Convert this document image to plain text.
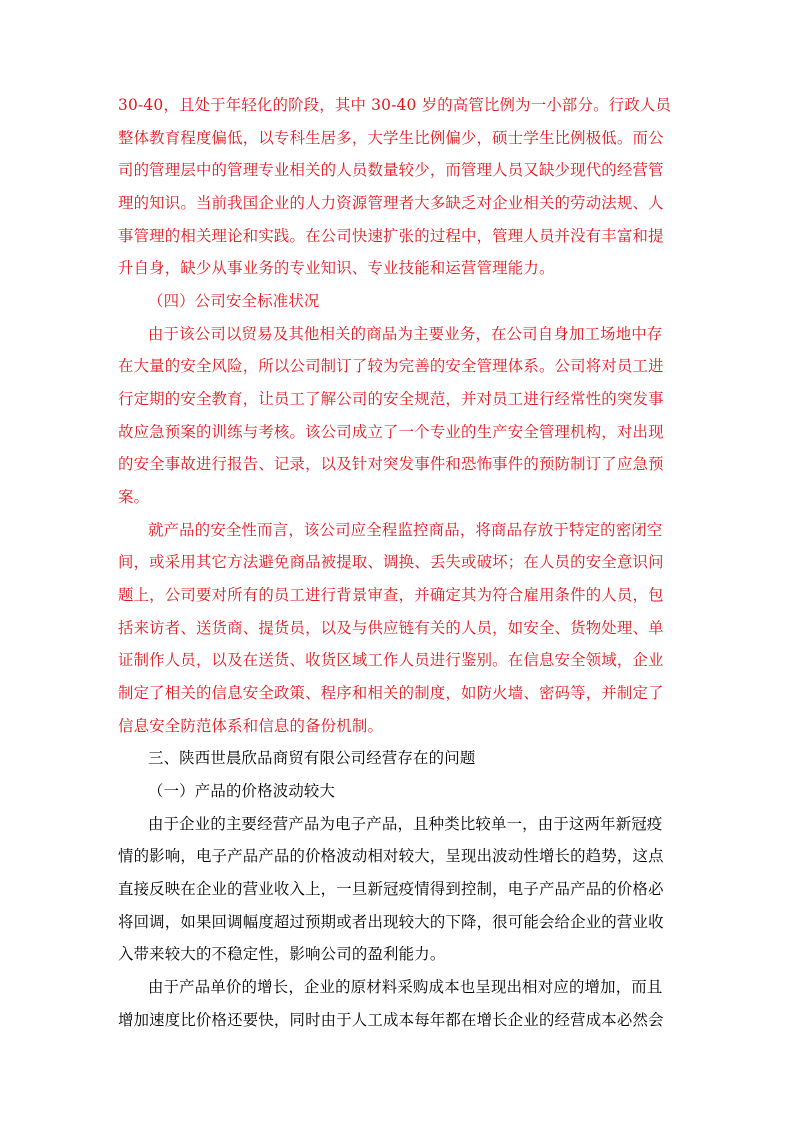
30-40，且处于年轻化的阶段，其中 30-40 岁的高管比例为一小部分。行政人员

整体教育程度偏低，以专科生居多，大学生比例偏少，硕士学生比例极低。而公

司的管理层中的管理专业相关的人员数量较少，而管理人员又缺少现代的经营管

理的知识。当前我国企业的人力资源管理者大多缺乏对企业相关的劳动法规、人

事管理的相关理论和实践。在公司快速扩张的过程中，管理人员并没有丰富和提

升自身，缺少从事业务的专业知识、专业技能和运营管理能力。

（四）公司安全标准状况

由于该公司以贸易及其他相关的商品为主要业务，在公司自身加工场地中存

在大量的安全风险，所以公司制订了较为完善的安全管理体系。公司将对员工进

行定期的安全教育，让员工了解公司的安全规范，并对员工进行经常性的突发事

故应急预案的训练与考核。该公司成立了一个专业的生产安全管理机构，对出现

的安全事故进行报告、记录，以及针对突发事件和恐怖事件的预防制订了应急预

案。

就产品的安全性而言，该公司应全程监控商品，将商品存放于特定的密闭空

间，或采用其它方法避免商品被提取、调换、丢失或破坏；在人员的安全意识问

题上，公司要对所有的员工进行背景审查，并确定其为符合雇用条件的人员，包

括来访者、送货商、提货员，以及与供应链有关的人员，如安全、货物处理、单

证制作人员，以及在送货、收货区域工作人员进行鉴别。在信息安全领域，企业

制定了相关的信息安全政策、程序和相关的制度，如防火墙、密码等，并制定了

信息安全防范体系和信息的备份机制。

三、陕西世晨欣品商贸有限公司经营存在的问题

（一）产品的价格波动较大

由于企业的主要经营产品为电子产品，且种类比较单一，由于这两年新冠疫

情的影响，电子产品产品的价格波动相对较大，呈现出波动性增长的趋势，这点

直接反映在企业的营业收入上，一旦新冠疫情得到控制，电子产品产品的价格必

将回调，如果回调幅度超过预期或者出现较大的下降，很可能会给企业的营业收

入带来较大的不稳定性，影响公司的盈利能力。

由于产品单价的增长，企业的原材料采购成本也呈现出相对应的增加，而且

增加速度比价格还要快，同时由于人工成本每年都在增长企业的经营成本必然会
